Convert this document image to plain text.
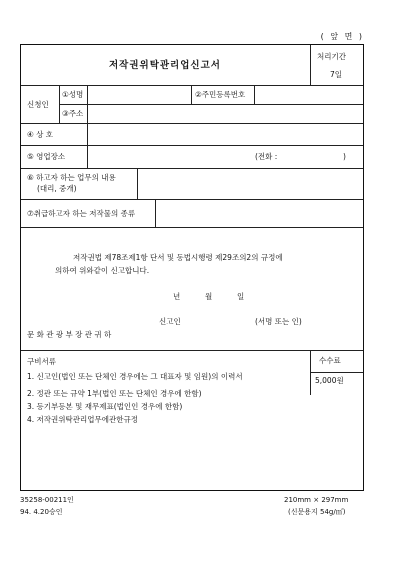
( 앞 면 )
저작권위탁관리업신고서
처리기간
7일
신청인
①성명	②주민등록번호
③주소
④ 상 호
⑤ 영업장소	(전화 :	)
⑥ 하고자 하는 업무의 내용
(대리, 중개)
⑦취급하고자 하는 저작물의 종류
저작권법 제78조제1항 단서 및 동법시행령 제29조의2의 규정에
의하여 위와같이 신고합니다.
년	월	일
신고인	(서명 또는 인)
문 화 관 광 부 장 관 귀 하
구비서류
1. 신고인(법인 또는 단체인 경우에는 그 대표자 및 임원)의 이력서
2. 정관 또는 규약 1부(법인 또는 단체인 경우에 한함)
3. 등기부등본 및 재무제표(법인인 경우에 한함)
4. 저작권위탁관리업무에관한규정
수수료
5,000원
35258-00211인
94. 4.20승인
210mm × 297mm
(신문용지 54g/㎡)
